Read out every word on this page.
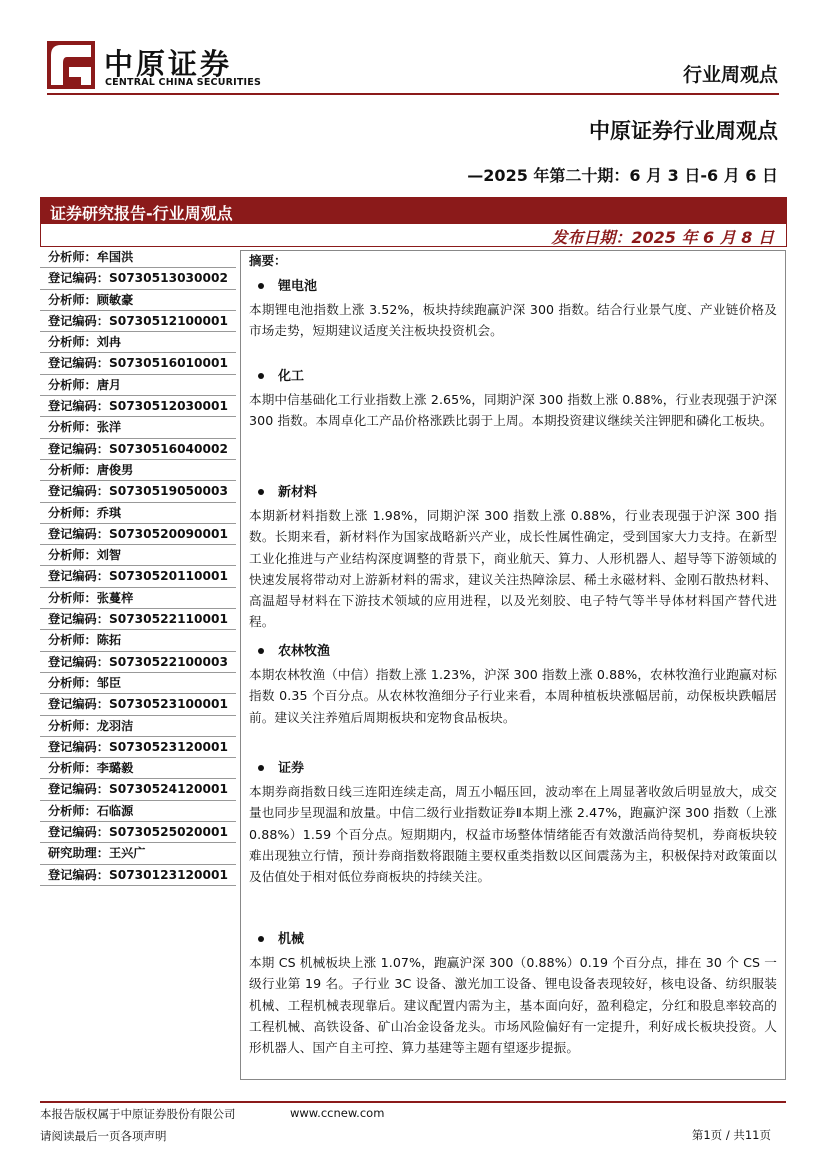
中原证券
CENTRAL CHINA SECURITIES	行业周观点
中原证券行业周观点
—2025 年第二十期：6 月 3 日-6 月 6 日
证券研究报告-行业周观点
发布日期：2025 年 6 月 8 日
分析师：牟国洪
登记编码：S0730513030002
分析师：顾敏豪
登记编码：S0730512100001
分析师：刘冉
登记编码：S0730516010001
分析师：唐月
登记编码：S0730512030001
分析师：张洋
登记编码：S0730516040002
分析师：唐俊男
登记编码：S0730519050003
分析师：乔琪
登记编码：S0730520090001
分析师：刘智
登记编码：S0730520110001
分析师：张蔓梓
登记编码：S0730522110001
分析师：陈拓
登记编码：S0730522100003
分析师：邹臣
登记编码：S0730523100001
分析师：龙羽洁
登记编码：S0730523120001
分析师：李璐毅
登记编码：S0730524120001
分析师：石临源
登记编码：S0730525020001
研究助理：王兴广
登记编码：S0730123120001
摘要：
锂电池
本期锂电池指数上涨 3.52%，板块持续跑赢沪深 300 指数。结合行业景气度、产业链价格及市场走势，短期建议适度关注板块投资机会。
化工
本期中信基础化工行业指数上涨 2.65%，同期沪深 300 指数上涨 0.88%，行业表现强于沪深 300 指数。本周卓化工产品价格涨跌比弱于上周。本期投资建议继续关注钾肥和磷化工板块。
新材料
本期新材料指数上涨 1.98%，同期沪深 300 指数上涨 0.88%，行业表现强于沪深 300 指数。长期来看，新材料作为国家战略新兴产业，成长性属性确定，受到国家大力支持。在新型工业化推进与产业结构深度调整的背景下，商业航天、算力、人形机器人、超导等下游领域的快速发展将带动对上游新材料的需求，建议关注热障涂层、稀土永磁材料、金刚石散热材料、高温超导材料在下游技术领域的应用进程，以及光刻胶、电子特气等半导体材料国产替代进程。
农林牧渔
本期农林牧渔（中信）指数上涨 1.23%，沪深 300 指数上涨 0.88%，农林牧渔行业跑赢对标指数 0.35 个百分点。从农林牧渔细分子行业来看，本周种植板块涨幅居前，动保板块跌幅居前。建议关注养殖后周期板块和宠物食品板块。
证券
本期券商指数日线三连阳连续走高，周五小幅压回，波动率在上周显著收敛后明显放大，成交量也同步呈现温和放量。中信二级行业指数证券Ⅱ本期上涨 2.47%，跑赢沪深 300 指数（上涨 0.88%）1.59 个百分点。短期期内，权益市场整体情绪能否有效激活尚待契机，券商板块较难出现独立行情，预计券商指数将跟随主要权重类指数以区间震荡为主，积极保持对政策面以及估值处于相对低位券商板块的持续关注。
机械
本期 CS 机械板块上涨 1.07%，跑赢沪深 300（0.88%）0.19 个百分点，排在 30 个 CS 一级行业第 19 名。子行业 3C 设备、激光加工设备、锂电设备表现较好，核电设备、纺织服装机械、工程机械表现靠后。建议配置内需为主，基本面向好，盈利稳定，分红和股息率较高的工程机械、高铁设备、矿山冶金设备龙头。市场风险偏好有一定提升，利好成长板块投资。人形机器人、国产自主可控、算力基建等主题有望逐步提振。
本报告版权属于中原证券股份有限公司	www.ccnew.com
请阅读最后一页各项声明	第1页 / 共11页
